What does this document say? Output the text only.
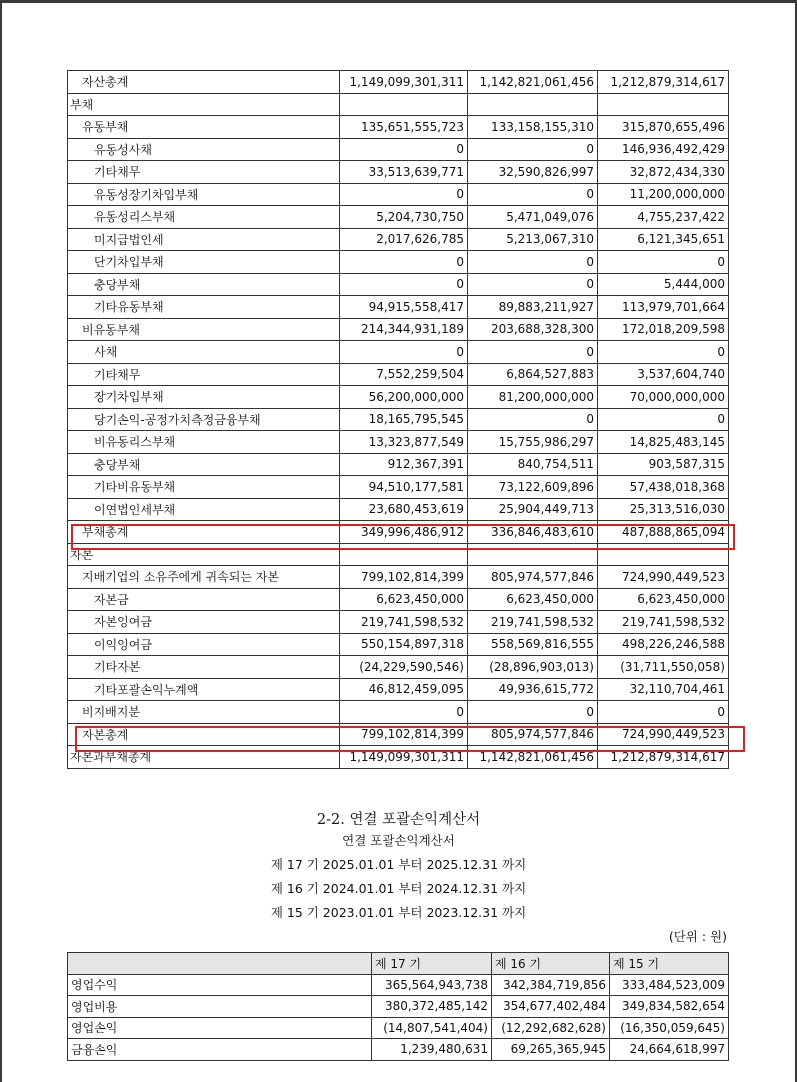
자산총계	1,149,099,301,311	1,142,821,061,456	1,212,879,314,617
부채			
유동부채	135,651,555,723	133,158,155,310	315,870,655,496
유동성사채	0	0	146,936,492,429
기타채무	33,513,639,771	32,590,826,997	32,872,434,330
유동성장기차입부채	0	0	11,200,000,000
유동성리스부채	5,204,730,750	5,471,049,076	4,755,237,422
미지급법인세	2,017,626,785	5,213,067,310	6,121,345,651
단기차입부채	0	0	0
충당부채	0	0	5,444,000
기타유동부채	94,915,558,417	89,883,211,927	113,979,701,664
비유동부채	214,344,931,189	203,688,328,300	172,018,209,598
사채	0	0	0
기타채무	7,552,259,504	6,864,527,883	3,537,604,740
장기차입부채	56,200,000,000	81,200,000,000	70,000,000,000
당기손익-공정가치측정금융부채	18,165,795,545	0	0
비유동리스부채	13,323,877,549	15,755,986,297	14,825,483,145
충당부채	912,367,391	840,754,511	903,587,315
기타비유동부채	94,510,177,581	73,122,609,896	57,438,018,368
이연법인세부채	23,680,453,619	25,904,449,713	25,313,516,030
부채총계	349,996,486,912	336,846,483,610	487,888,865,094
자본			
지배기업의 소유주에게 귀속되는 자본	799,102,814,399	805,974,577,846	724,990,449,523
자본금	6,623,450,000	6,623,450,000	6,623,450,000
자본잉여금	219,741,598,532	219,741,598,532	219,741,598,532
이익잉여금	550,154,897,318	558,569,816,555	498,226,246,588
기타자본	(24,229,590,546)	(28,896,903,013)	(31,711,550,058)
기타포괄손익누계액	46,812,459,095	49,936,615,772	32,110,704,461
비지배지분	0	0	0
자본총계	799,102,814,399	805,974,577,846	724,990,449,523
자본과부채총계	1,149,099,301,311	1,142,821,061,456	1,212,879,314,617
2-2. 연결 포괄손익계산서
연결 포괄손익계산서
제 17 기 2025.01.01 부터 2025.12.31 까지
제 16 기 2024.01.01 부터 2024.12.31 까지
제 15 기 2023.01.01 부터 2023.12.31 까지
(단위 : 원)
	제 17 기	제 16 기	제 15 기
영업수익	365,564,943,738	342,384,719,856	333,484,523,009
영업비용	380,372,485,142	354,677,402,484	349,834,582,654
영업손익	(14,807,541,404)	(12,292,682,628)	(16,350,059,645)
금융손익	1,239,480,631	69,265,365,945	24,664,618,997
